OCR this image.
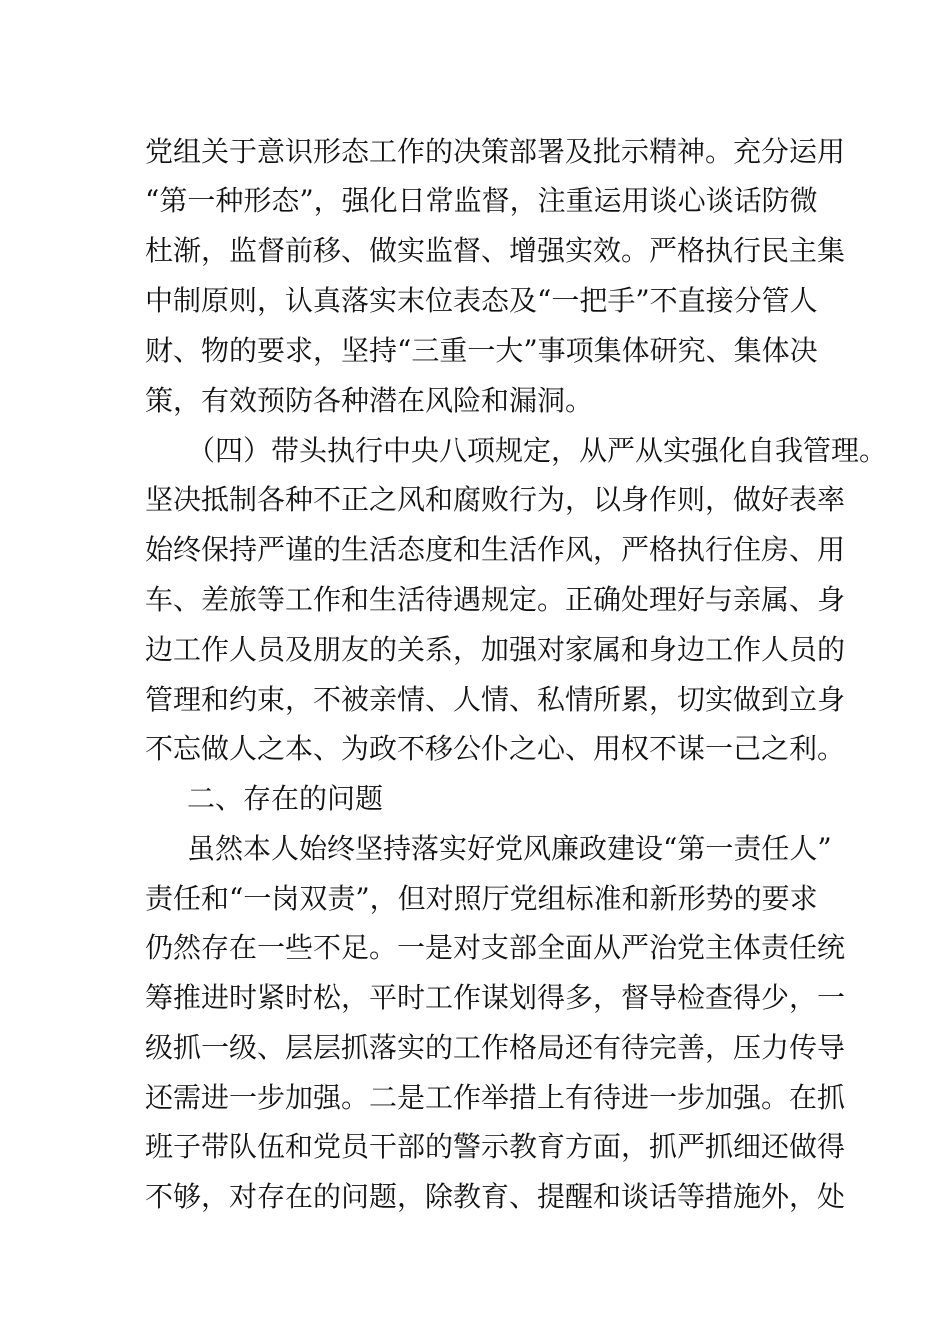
党组关于意识形态工作的决策部署及批示精神。充分运用

“第一种形态”，强化日常监督，注重运用谈心谈话防微

杜渐，监督前移、做实监督、增强实效。严格执行民主集

中制原则，认真落实末位表态及“一把手”不直接分管人

财、物的要求，坚持“三重一大”事项集体研究、集体决

策，有效预防各种潜在风险和漏洞。

（四）带头执行中央八项规定，从严从实强化自我管理。

坚决抵制各种不正之风和腐败行为，以身作则，做好表率

始终保持严谨的生活态度和生活作风，严格执行住房、用

车、差旅等工作和生活待遇规定。正确处理好与亲属、身

边工作人员及朋友的关系，加强对家属和身边工作人员的

管理和约束，不被亲情、人情、私情所累，切实做到立身

不忘做人之本、为政不移公仆之心、用权不谋一己之利。

二、存在的问题

虽然本人始终坚持落实好党风廉政建设“第一责任人”

责任和“一岗双责”，但对照厅党组标准和新形势的要求

仍然存在一些不足。一是对支部全面从严治党主体责任统

筹推进时紧时松，平时工作谋划得多，督导检查得少，一

级抓一级、层层抓落实的工作格局还有待完善，压力传导

还需进一步加强。二是工作举措上有待进一步加强。在抓

班子带队伍和党员干部的警示教育方面，抓严抓细还做得

不够，对存在的问题，除教育、提醒和谈话等措施外，处
